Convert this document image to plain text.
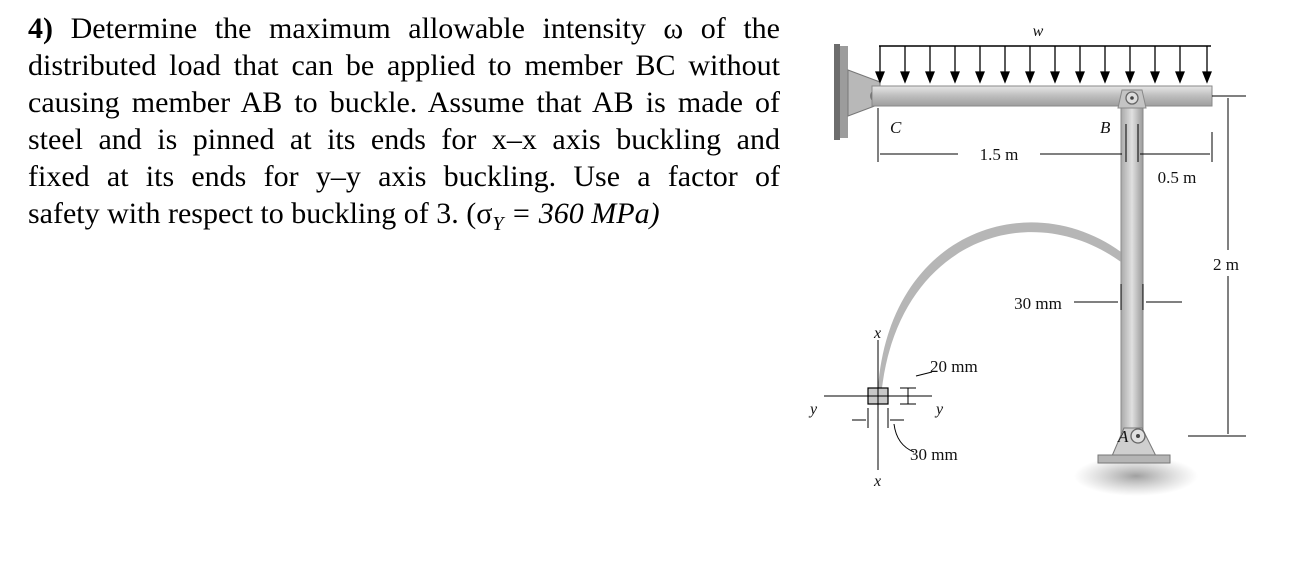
4) Determine the maximum allowable intensity ω of the
distributed load that can be applied to member BC without
causing member AB to buckle. Assume that AB is made of
steel and is pinned at its ends for x–x axis buckling and
fixed at its ends for y–y axis buckling. Use a factor of
safety with respect to buckling of 3. ($\sigma_Y = 360$ MPa)
w
A
C	B
1.5 m
0.5 m
2 m
30 mm
x
x
y	y
20 mm
30 mm
